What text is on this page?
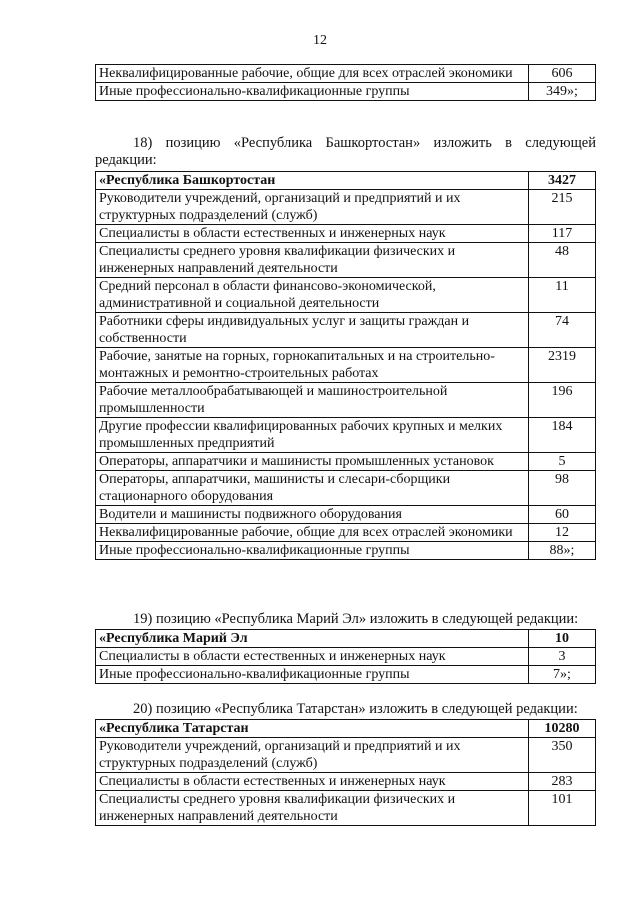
12
Неквалифицированные рабочие, общие для всех отраслей экономики	606
Иные профессионально-квалификационные группы	349»;
18) позицию «Республика Башкортостан» изложить в следующей редакции:
«Республика Башкортостан	3427
Руководители учреждений, организаций и предприятий и их структурных подразделений (служб)	215
Специалисты в области естественных и инженерных наук	117
Специалисты среднего уровня квалификации физических и инженерных направлений деятельности	48
Средний персонал в области финансово-экономической, административной и социальной деятельности	11
Работники сферы индивидуальных услуг и защиты граждан и собственности	74
Рабочие, занятые на горных, горнокапитальных и на строительно-монтажных и ремонтно-строительных работах	2319
Рабочие металлообрабатывающей и машиностроительной промышленности	196
Другие профессии квалифицированных рабочих крупных и мелких промышленных предприятий	184
Операторы, аппаратчики и машинисты промышленных установок	5
Операторы, аппаратчики, машинисты и слесари-сборщики стационарного оборудования	98
Водители и машинисты подвижного оборудования	60
Неквалифицированные рабочие, общие для всех отраслей экономики	12
Иные профессионально-квалификационные группы	88»;
19) позицию «Республика Марий Эл» изложить в следующей редакции:
«Республика Марий Эл	10
Специалисты в области естественных и инженерных наук	3
Иные профессионально-квалификационные группы	7»;
20) позицию «Республика Татарстан» изложить в следующей редакции:
«Республика Татарстан	10280
Руководители учреждений, организаций и предприятий и их структурных подразделений (служб)	350
Специалисты в области естественных и инженерных наук	283
Специалисты среднего уровня квалификации физических и инженерных направлений деятельности	101
